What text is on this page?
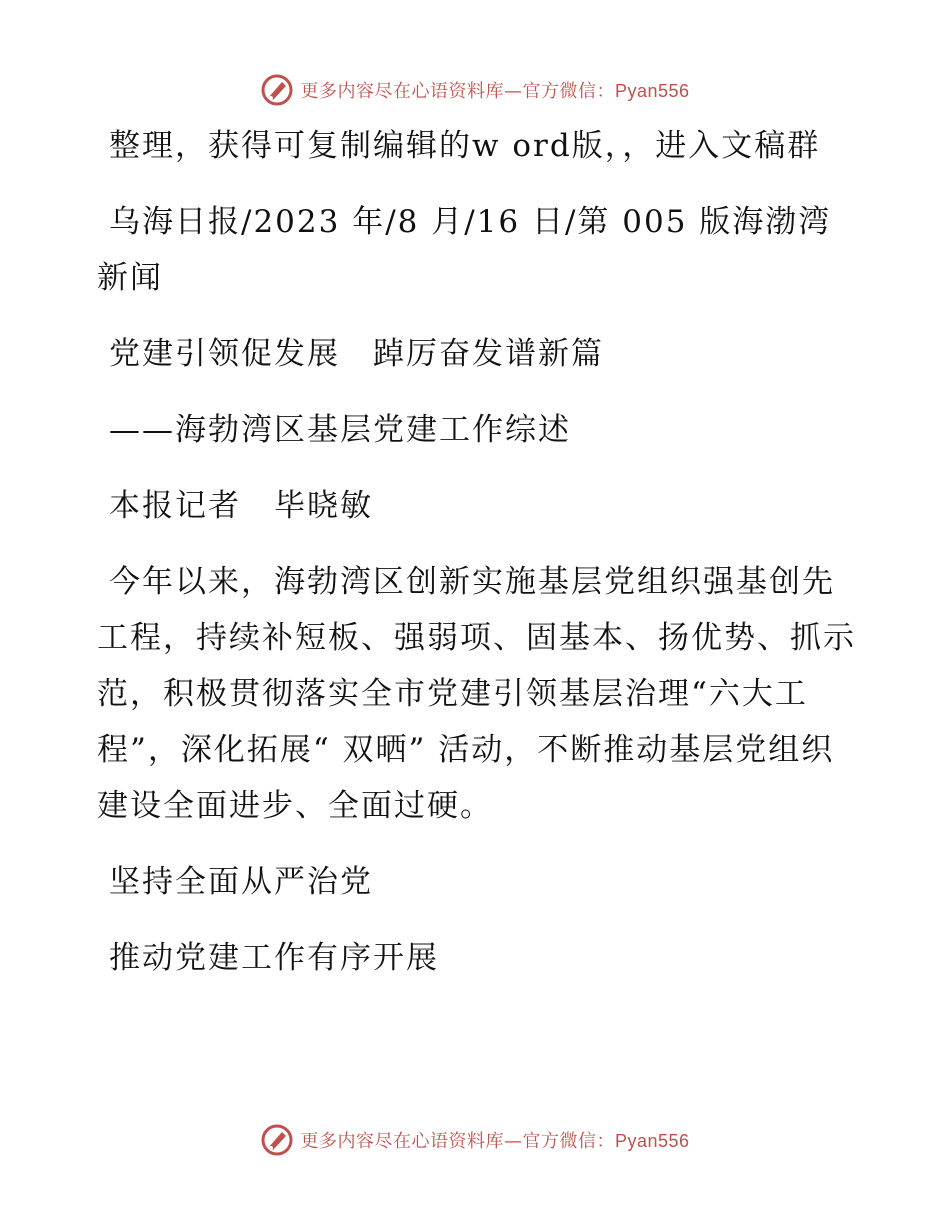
更多内容尽在心语资料库—官方微信：Pyan556

整理，获得可复制编辑的w ord版，，进入文稿群

乌海日报/2023 年/8 月/16 日/第 005 版海渤湾新闻

党建引领促发展　踔厉奋发谱新篇

——海勃湾区基层党建工作综述

本报记者　毕晓敏

今年以来，海勃湾区创新实施基层党组织强基创先工程，持续补短板、强弱项、固基本、扬优势、抓示范，积极贯彻落实全市党建引领基层治理“六大工程”，深化拓展“ 双晒” 活动，不断推动基层党组织建设全面进步、全面过硬。

坚持全面从严治党

推动党建工作有序开展

更多内容尽在心语资料库—官方微信：Pyan556
